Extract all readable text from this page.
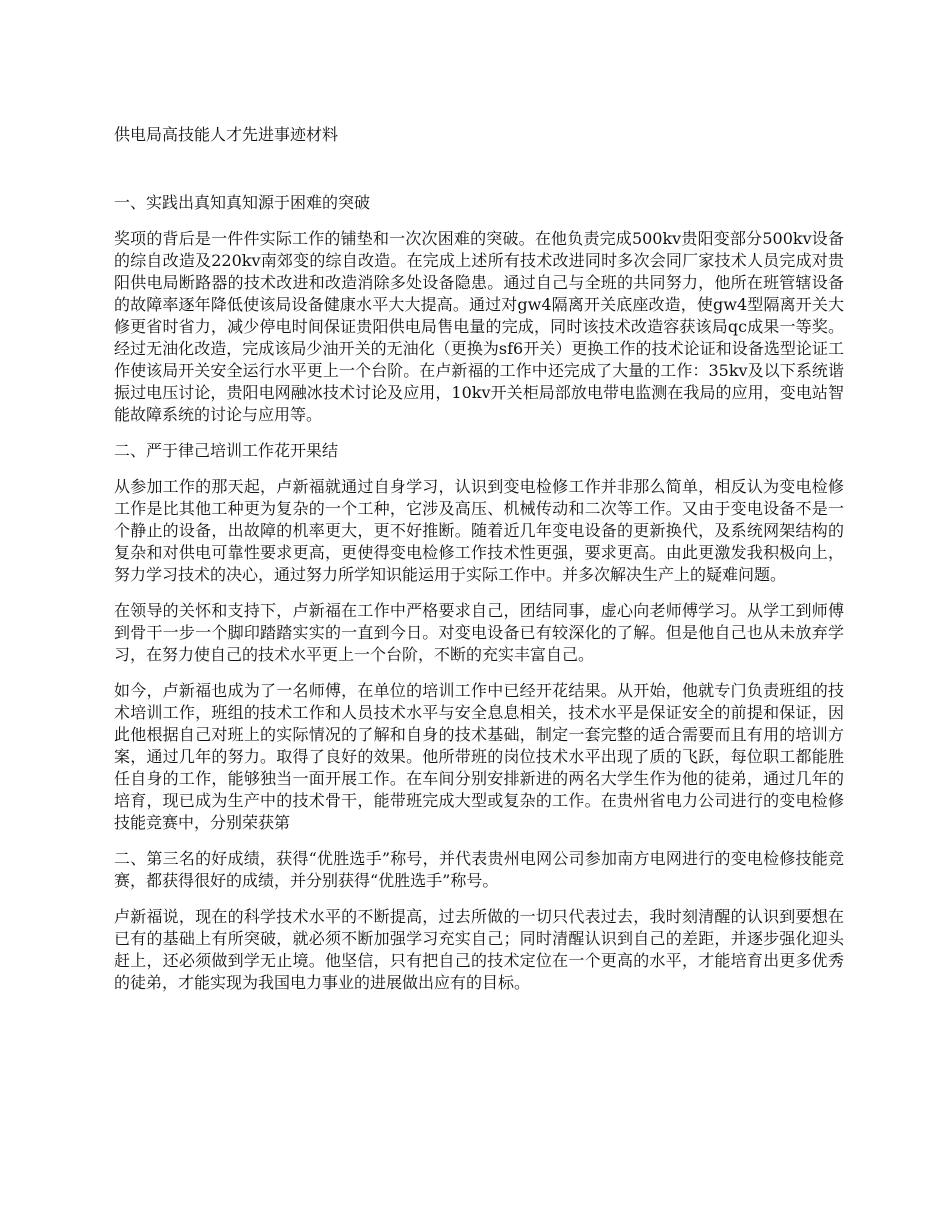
供电局高技能人才先进事迹材料
一、实践出真知真知源于困难的突破
奖项的背后是一件件实际工作的铺垫和一次次困难的突破。在他负责完成500kv贵阳变部分500kv设备的综自改造及220kv南郊变的综自改造。在完成上述所有技术改进同时多次会同厂家技术人员完成对贵阳供电局断路器的技术改进和改造消除多处设备隐患。通过自己与全班的共同努力，他所在班管辖设备的故障率逐年降低使该局设备健康水平大大提高。通过对gw4隔离开关底座改造，使gw4型隔离开关大修更省时省力，减少停电时间保证贵阳供电局售电量的完成，同时该技术改造容获该局qc成果一等奖。经过无油化改造，完成该局少油开关的无油化（更换为sf6开关）更换工作的技术论证和设备选型论证工作使该局开关安全运行水平更上一个台阶。在卢新福的工作中还完成了大量的工作：35kv及以下系统谐振过电压讨论，贵阳电网融冰技术讨论及应用，10kv开关柜局部放电带电监测在我局的应用，变电站智能故障系统的讨论与应用等。
二、严于律己培训工作花开果结
从参加工作的那天起，卢新福就通过自身学习，认识到变电检修工作并非那么简单，相反认为变电检修工作是比其他工种更为复杂的一个工种，它涉及高压、机械传动和二次等工作。又由于变电设备不是一个静止的设备，出故障的机率更大，更不好推断。随着近几年变电设备的更新换代，及系统网架结构的复杂和对供电可靠性要求更高，更使得变电检修工作技术性更强，要求更高。由此更激发我积极向上，努力学习技术的决心，通过努力所学知识能运用于实际工作中。并多次解决生产上的疑难问题。
在领导的关怀和支持下，卢新福在工作中严格要求自己，团结同事，虚心向老师傅学习。从学工到师傅到骨干一步一个脚印踏踏实实的一直到今日。对变电设备已有较深化的了解。但是他自己也从未放弃学习，在努力使自己的技术水平更上一个台阶，不断的充实丰富自己。
如今，卢新福也成为了一名师傅，在单位的培训工作中已经开花结果。从开始，他就专门负责班组的技术培训工作，班组的技术工作和人员技术水平与安全息息相关，技术水平是保证安全的前提和保证，因此他根据自己对班上的实际情况的了解和自身的技术基础，制定一套完整的适合需要而且有用的培训方案，通过几年的努力。取得了良好的效果。他所带班的岗位技术水平出现了质的飞跃，每位职工都能胜任自身的工作，能够独当一面开展工作。在车间分别安排新进的两名大学生作为他的徒弟，通过几年的培育，现已成为生产中的技术骨干，能带班完成大型或复杂的工作。在贵州省电力公司进行的变电检修技能竞赛中，分别荣获第
二、第三名的好成绩，获得“优胜选手”称号，并代表贵州电网公司参加南方电网进行的变电检修技能竞赛，都获得很好的成绩，并分别获得“优胜选手”称号。
卢新福说，现在的科学技术水平的不断提高，过去所做的一切只代表过去，我时刻清醒的认识到要想在已有的基础上有所突破，就必须不断加强学习充实自己；同时清醒认识到自己的差距，并逐步强化迎头赶上，还必须做到学无止境。他坚信，只有把自己的技术定位在一个更高的水平，才能培育出更多优秀的徒弟，才能实现为我国电力事业的进展做出应有的目标。
